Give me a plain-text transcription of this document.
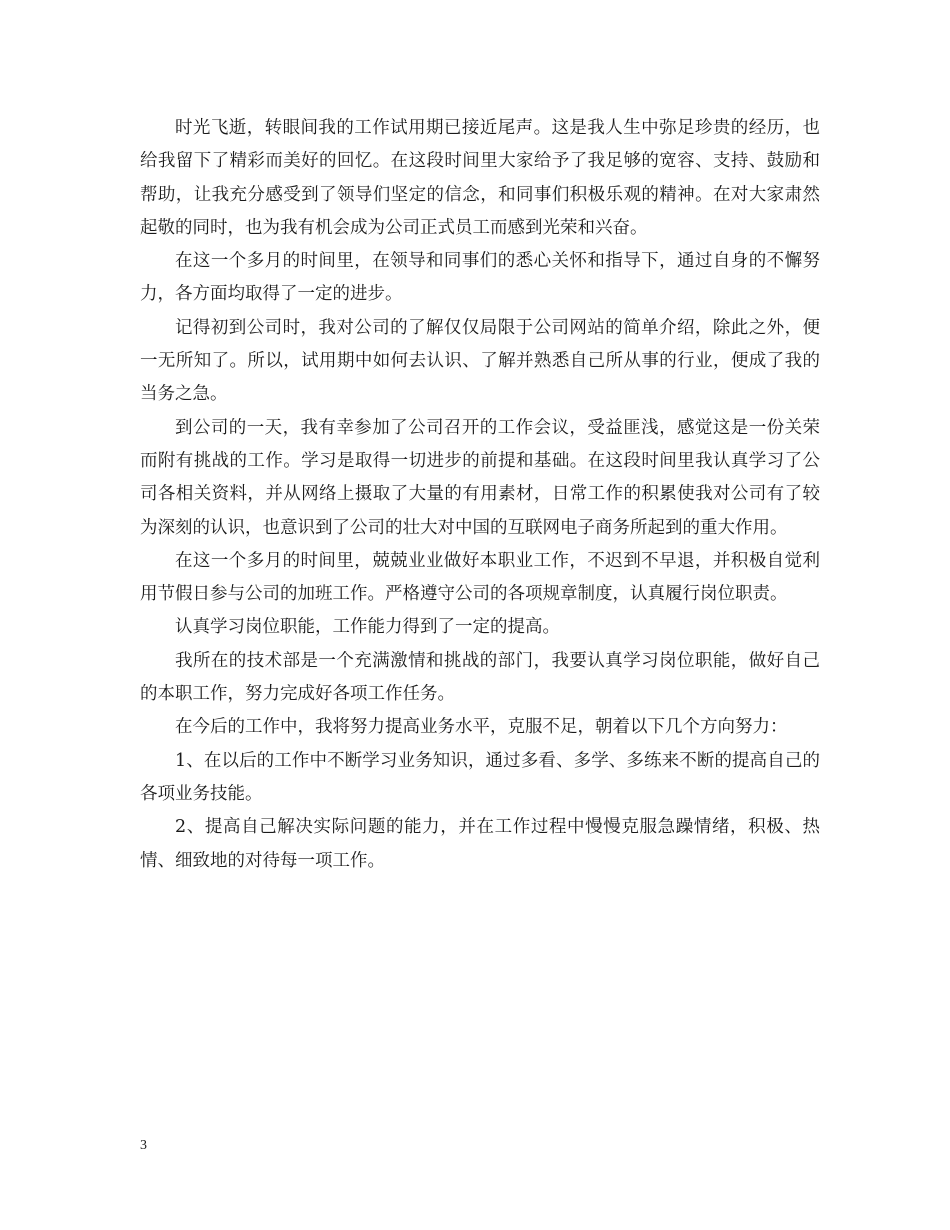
时光飞逝，转眼间我的工作试用期已接近尾声。这是我人生中弥足珍贵的经历，也给我留下了精彩而美好的回忆。在这段时间里大家给予了我足够的宽容、支持、鼓励和帮助，让我充分感受到了领导们坚定的信念，和同事们积极乐观的精神。在对大家肃然起敬的同时，也为我有机会成为公司正式员工而感到光荣和兴奋。

在这一个多月的时间里，在领导和同事们的悉心关怀和指导下，通过自身的不懈努力，各方面均取得了一定的进步。

记得初到公司时，我对公司的了解仅仅局限于公司网站的简单介绍，除此之外，便一无所知了。所以，试用期中如何去认识、了解并熟悉自己所从事的行业，便成了我的当务之急。

到公司的一天，我有幸参加了公司召开的工作会议，受益匪浅，感觉这是一份关荣而附有挑战的工作。学习是取得一切进步的前提和基础。在这段时间里我认真学习了公司各相关资料，并从网络上摄取了大量的有用素材，日常工作的积累使我对公司有了较为深刻的认识，也意识到了公司的壮大对中国的互联网电子商务所起到的重大作用。

在这一个多月的时间里，兢兢业业做好本职业工作，不迟到不早退，并积极自觉利用节假日参与公司的加班工作。严格遵守公司的各项规章制度，认真履行岗位职责。

认真学习岗位职能，工作能力得到了一定的提高。

我所在的技术部是一个充满激情和挑战的部门，我要认真学习岗位职能，做好自己的本职工作，努力完成好各项工作任务。

在今后的工作中，我将努力提高业务水平，克服不足，朝着以下几个方向努力：

1、在以后的工作中不断学习业务知识，通过多看、多学、多练来不断的提高自己的各项业务技能。

2、提高自己解决实际问题的能力，并在工作过程中慢慢克服急躁情绪，积极、热情、细致地的对待每一项工作。

3
